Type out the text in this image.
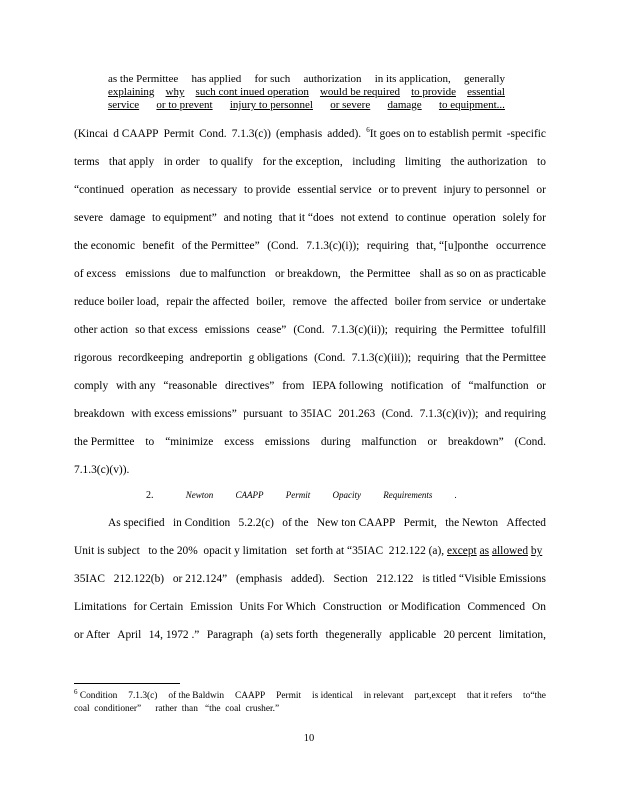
as the Permittee has applied for such authorization in its application, generally
explaining why such cont inued operation would be required to provide essential
service or to prevent injury to personnel or severe damage to equipment...
(Kincai d CAAPP Permit Cond. 7.1.3(c)) (emphasis added). $^6$It goes on to establish permit -specific
terms that apply in order to qualify for the exception, including limiting the authorization to
“continued operation as necessary to provide essential service or to prevent injury to personnel or
severe damage to equipment” and noting that it “does not extend to continue operation solely for
the economic benefit of the Permittee” (Cond. 7.1.3(c)(i)); requiring that, “[u]ponthe occurrence
of excess emissions due to malfunction or breakdown, the Permittee shall as so on as practicable
reduce boiler load, repair the affected boiler, remove the affected boiler from service or undertake
other action so that excess emissions cease” (Cond. 7.1.3(c)(ii)); requiring the Permittee tofulfill
rigorous recordkeeping andreportin g obligations (Cond. 7.1.3(c)(iii)); requiring that the Permittee
comply with any “reasonable directives” from IEPA following notification of “malfunction or
breakdown with excess emissions” pursuant to 35IAC 201.263 (Cond. 7.1.3(c)(iv)); and requiring
the Permittee to “minimize excess emissions during malfunction or breakdown” (Cond.
7.1.3(c)(v)).
2.	Newton CAAPP Permit Opacity Requirements .
As specified in Condition 5.2.2(c) of the New ton CAAPP Permit, the Newton Affected
Unit is subject   to the 20%  opacit y limitation   set forth at “35IAC  212.122 (a), except as allowed by
35IAC 212.122(b) or 212.124” (emphasis added). Section 212.122 is titled “Visible Emissions
Limitations for Certain Emission Units For Which Construction or Modification Commenced On
or After April 14, 1972 .” Paragraph (a) sets forth thegenerally applicable 20 percent limitation,
$^6$ Condition 7.1.3(c) of the Baldwin CAAPP Permit is identical in relevant part,except that it refers to“the
coal  conditioner”      rather  than   “the  coal  crusher.”
10
